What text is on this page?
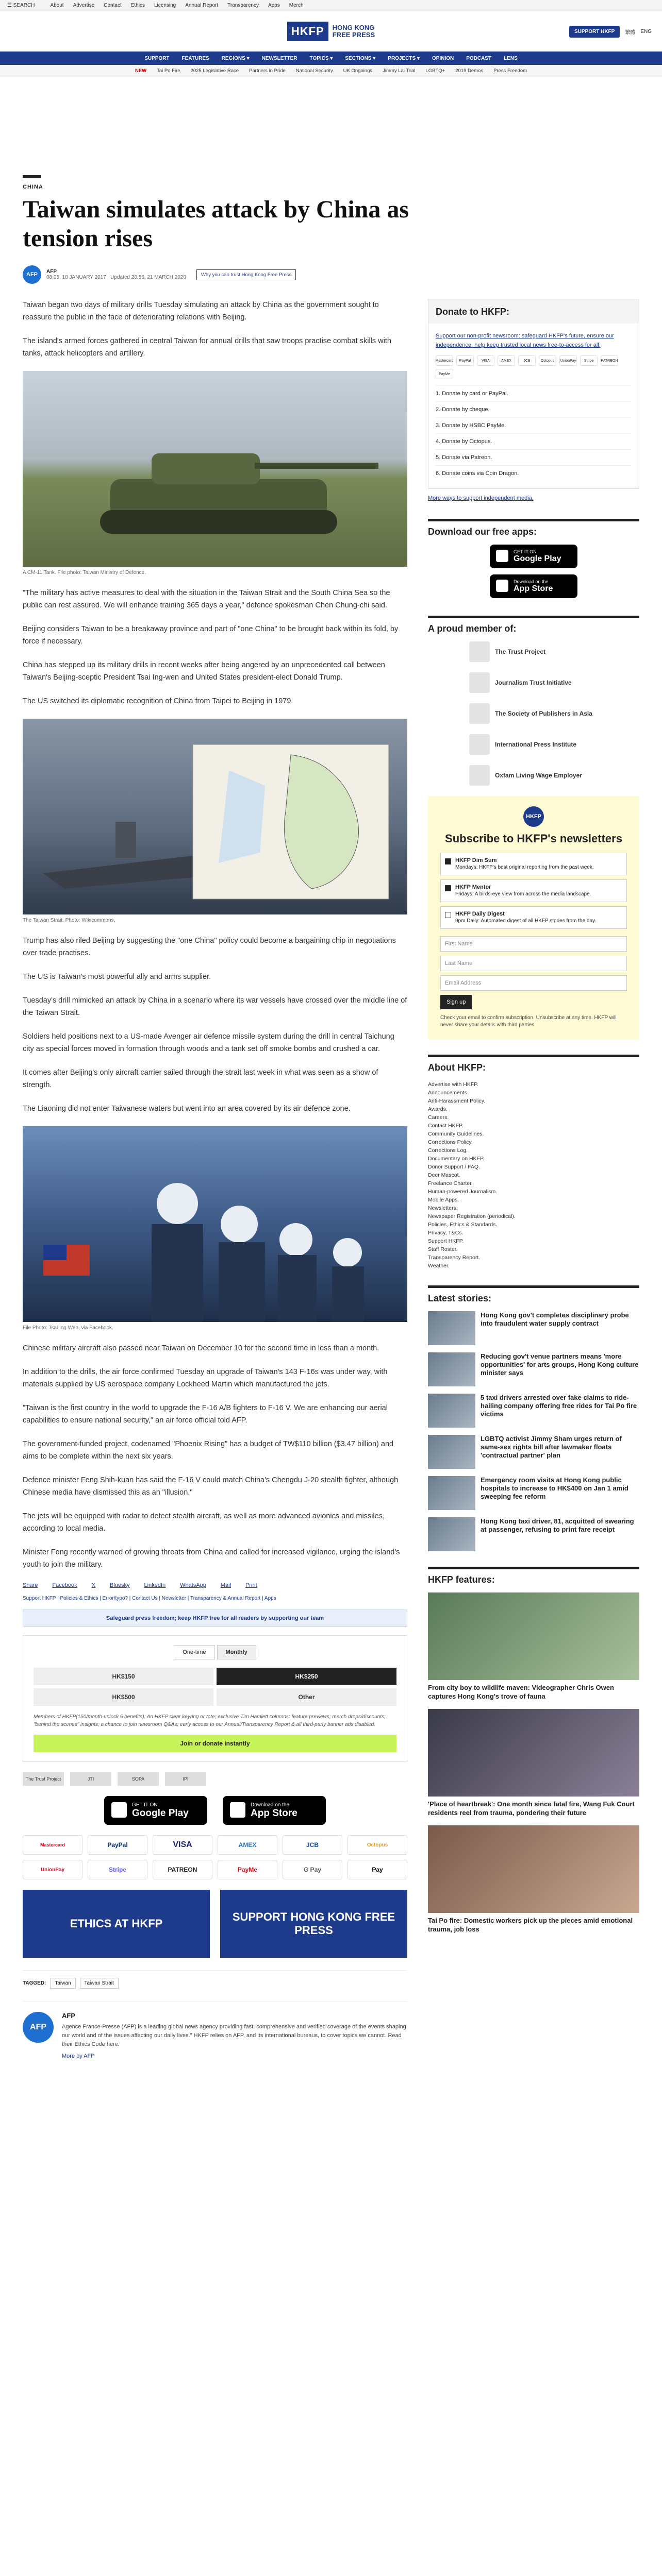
☰ SEARCH	About Advertise Contact Ethics Licensing Annual Report Transparency Apps Merch
HKFP	HONG KONG
FREE PRESS	SUPPORT HKFP	繁體 ENG
SUPPORT FEATURES REGIONS ▾ NEWSLETTER TOPICS ▾ SECTIONS ▾ PROJECTS ▾ OPINION PODCAST LENS
NEW Tai Po Fire 2025 Legislative Race Partners in Pride National Security UK Ongoings Jimmy Lai Trial LGBTQ+ 2019 Demos Press Freedom
CHINA
Taiwan simulates attack by China as tension rises
AFP	AFP
08:05, 18 JANUARY 2017 Updated 20:56, 21 MARCH 2020	Why you can trust Hong Kong Free Press

Taiwan began two days of military drills Tuesday simulating an attack by China as the government sought to reassure the public in the face of deteriorating relations with Beijing.

The island's armed forces gathered in central Taiwan for annual drills that saw troops practise combat skills with tanks, attack helicopters and artillery.

A CM-11 Tank. File photo: Taiwan Ministry of Defence.

"The military has active measures to deal with the situation in the Taiwan Strait and the South China Sea so the public can rest assured. We will enhance training 365 days a year," defence spokesman Chen Chung-chi said.

Beijing considers Taiwan to be a breakaway province and part of "one China" to be brought back within its fold, by force if necessary.

China has stepped up its military drills in recent weeks after being angered by an unprecedented call between Taiwan's Beijing-sceptic President Tsai Ing-wen and United States president-elect Donald Trump.

The US switched its diplomatic recognition of China from Taipei to Beijing in 1979.

The Taiwan Strait. Photo: Wikicommons.

Trump has also riled Beijing by suggesting the "one China" policy could become a bargaining chip in negotiations over trade practises.

The US is Taiwan's most powerful ally and arms supplier.

Tuesday's drill mimicked an attack by China in a scenario where its war vessels have crossed over the middle line of the Taiwan Strait.

Soldiers held positions next to a US-made Avenger air defence missile system during the drill in central Taichung city as special forces moved in formation through woods and a tank set off smoke bombs and crushed a car.

It comes after Beijing's only aircraft carrier sailed through the strait last week in what was seen as a show of strength.

The Liaoning did not enter Taiwanese waters but went into an area covered by its air defence zone.

File Photo: Tsai Ing Wen, via Facebook.

Chinese military aircraft also passed near Taiwan on December 10 for the second time in less than a month.

In addition to the drills, the air force confirmed Tuesday an upgrade of Taiwan's 143 F-16s was under way, with materials supplied by US aerospace company Lockheed Martin which manufactured the jets.

"Taiwan is the first country in the world to upgrade the F-16 A/B fighters to F-16 V. We are enhancing our aerial capabilities to ensure national security," an air force official told AFP.

The government-funded project, codenamed "Phoenix Rising" has a budget of TW$110 billion ($3.47 billion) and aims to be complete within the next six years.

Defence minister Feng Shih-kuan has said the F-16 V could match China's Chengdu J-20 stealth fighter, although Chinese media have dismissed this as an "illusion."

The jets will be equipped with radar to detect stealth aircraft, as well as more advanced avionics and missiles, according to local media.

Minister Fong recently warned of growing threats from China and called for increased vigilance, urging the island's youth to join the military.

Share	Facebook	X	Bluesky	LinkedIn	WhatsApp	Mail	Print
Support HKFP | Policies & Ethics | Error/typo? | Contact Us | Newsletter | Transparency & Annual Report | Apps
Safeguard press freedom; keep HKFP free for all readers by supporting our team
One-time	Monthly
HK$150	HK$250
HK$500	Other
Members of HKFP(150/month-unlock 6 benefits): An HKFP clear keyring or tote; exclusive Tim Hamlett columns; feature previews; merch drops/discounts; "behind the scenes" insights; a chance to join newsroom Q&As; early access to our Annual/Transparency Report & all third-party banner ads disabled.
Join or donate instantly
The Trust Project	JTI	SOPA	IPI
GET IT ON
Google Play
Download on the
App Store
Mastercard	PayPal	VISA	AMEX	JCB	Octopus
UnionPay	Stripe	PATREON	PayMe	G Pay	Pay
ETHICS AT HKFP
SUPPORT HONG KONG FREE PRESS
TAGGED:	Taiwan	Taiwan Strait
AFP
AFP

Agence France-Presse (AFP) is a leading global news agency providing fast, comprehensive and verified coverage of the events shaping our world and of the issues affecting our daily lives." HKFP relies on AFP, and its international bureaus, to cover topics we cannot. Read their Ethics Code here.

More by AFP
Donate to HKFP:
Support our non-profit newsroom: safeguard HKFP's future, ensure our independence, help keep trusted local news free-to-access for all.
Mastercard	PayPal	VISA	AMEX	JCB	Octopus	UnionPay	Stripe	PATREON
PayMe
1. Donate by card or PayPal.
2. Donate by cheque.
3. Donate by HSBC PayMe.
4. Donate by Octopus.
5. Donate via Patreon.
6. Donate coins via Coin Dragon.
More ways to support independent media.
Download our free apps:
GET IT ON
Google Play
Download on the
App Store
A proud member of:
The Trust Project
Journalism Trust Initiative
The Society of Publishers in Asia
International Press Institute
Oxfam Living Wage Employer
HKFP
Subscribe to HKFP's newsletters
HKFP Dim Sum
Mondays: HKFP's best original reporting from the past week.
HKFP Mentor
Fridays: A birds-eye view from across the media landscape.
HKFP Daily Digest
9pm Daily: Automated digest of all HKFP stories from the day.
First Name
Last Name
Email Address
Sign up
Check your email to confirm subscription. Unsubscribe at any time. HKFP will never share your details with third parties.
About HKFP:
Advertise with HKFP.
Announcements.
Anti-Harassment Policy.
Awards.
Careers.
Contact HKFP.
Community Guidelines.
Corrections Policy.
Corrections Log.
Documentary on HKFP.
Donor Support / FAQ.
Deer Mascot.
Freelance Charter.
Human-powered Journalism.
Mobile Apps.
Newsletters.
Newspaper Registration (periodical).
Policies, Ethics & Standards.
Privacy, T&Cs.
Support HKFP.
Staff Roster.
Transparency Report.
Weather.
Latest stories:
Hong Kong gov't completes disciplinary probe into fraudulent water supply contract
Reducing gov't venue partners means 'more opportunities' for arts groups, Hong Kong culture minister says
5 taxi drivers arrested over fake claims to ride-hailing company offering free rides for Tai Po fire victims
LGBTQ activist Jimmy Sham urges return of same-sex rights bill after lawmaker floats 'contractual partner' plan
Emergency room visits at Hong Kong public hospitals to increase to HK$400 on Jan 1 amid sweeping fee reform
Hong Kong taxi driver, 81, acquitted of swearing at passenger, refusing to print fare receipt
HKFP features:
From city boy to wildlife maven: Videographer Chris Owen captures Hong Kong's trove of fauna
'Place of heartbreak': One month since fatal fire, Wang Fuk Court residents reel from trauma, pondering their future
Tai Po fire: Domestic workers pick up the pieces amid emotional trauma, job loss
